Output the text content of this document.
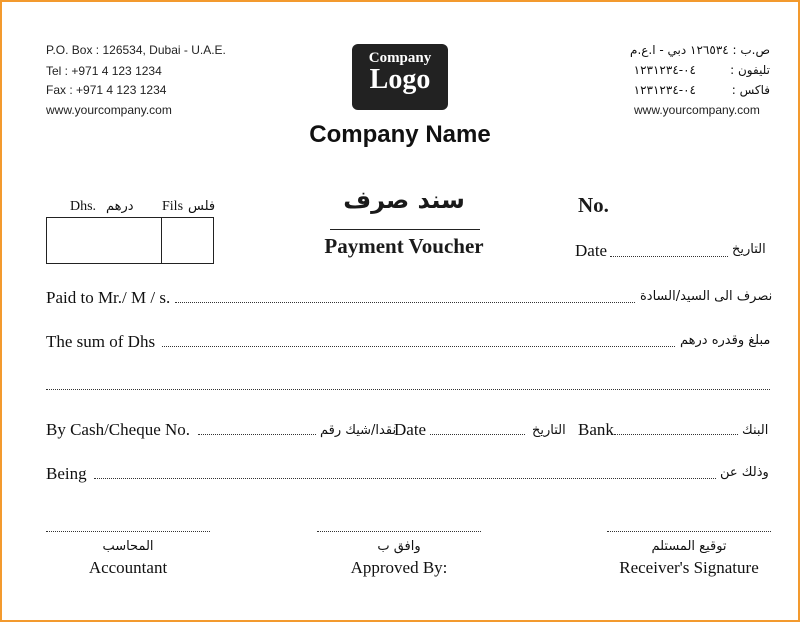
P.O. Box : 126534, Dubai - U.A.E.
Tel : +971 4 123 1234
Fax : +971 4 123 1234
www.yourcompany.com
ص.ب : ١٢٦٥٣٤ دبي - ا.ع.م
تليفون :
٠٤-١٢٣١٢٣٤
فاكس :
٠٤-١٢٣١٢٣٤
www.yourcompany.com
Company
Logo
Company Name
Dhs. درهم Fils فلس	سند صرف
Payment Voucher
No.
Date	التاريخ
Paid to Mr./ M / s.	نصرف الى السيد/السادة
The sum of Dhs	مبلغ وقدره درهم
By Cash/Cheque No.	نقدا/شيك رقم
Date	التاريخ Bank	البنك
Being	وذلك عن
المحاسب
Accountant
وافق ب
Approved By:
توقيع المستلم
Receiver's Signature
